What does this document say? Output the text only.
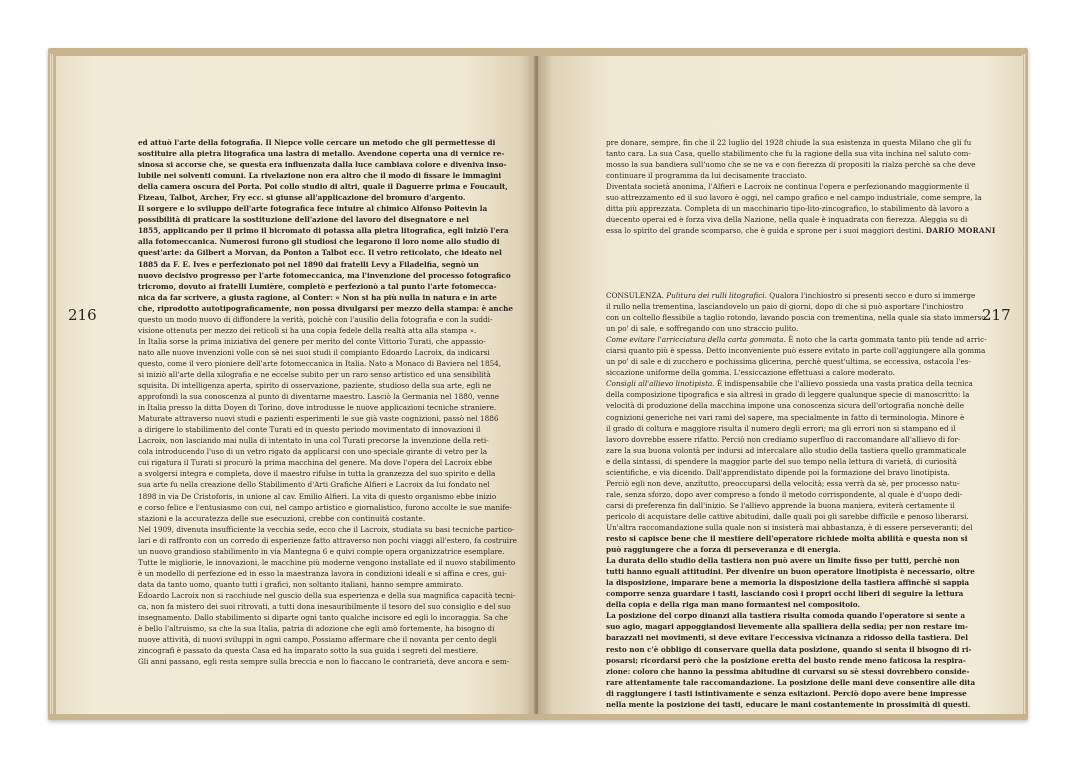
216
ed attuò l'arte della fotografia. Il Niepce volle cercare un metodo che gli permettesse di
sostituire alla pietra litografica una lastra di metallo. Avendone coperta una di vernice re-
sinosa si accorse che, se questa era influenzata dalla luce cambiava colore e diveniva inso-
lubile nei solventi comuni. La rivelazione non era altro che il modo di fissare le immagini
della camera oscura del Porta. Poi collo studio di altri, quale il Daguerre prima e Foucault,
Fizeau, Talbot, Archer, Fry ecc. si giunse all'applicazione del bromuro d'argento.
Il sorgere e lo sviluppo dell'arte fotografica fece intuire al chimico Alfonso Poitevin la
possibilità di praticare la sostituzione dell'azione del lavoro del disegnatore e nel
1855, applicando per il primo il bicromato di potassa alla pietra litografica, egli iniziò l'era
alla fotomeccanica. Numerosi furono gli studiosi che legarono il loro nome allo studio di
quest'arte: da Gilbert a Morvan, da Ponton a Talbot ecc. Il vetro reticolato, che ideato nel
1885 da F. E. Ives e perfezionato poi nel 1890 dai fratelli Levy a Filadelfia, segnò un
nuovo decisivo progresso per l'arte fotomeccanica, ma l'invenzione del processo fotografico
tricromo, dovuto ai fratelli Lumière, completò e perfezionò a tal punto l'arte fotomecca-
nica da far scrivere, a giusta ragione, al Conter: « Non si ha più nulla in natura e in arte
che, riprodotto autotipograficamente, non possa divulgarsi per mezzo della stampa: è anche
questo un modo nuovo di diffondere la verità, poichè con l'ausilio della fotografia e con la suddi-
visione ottenuta per mezzo dei reticoli si ha una copia fedele della realtà atta alla stampa ».
In Italia sorse la prima iniziativa del genere per merito del conte Vittorio Turati, che appassio-
nato alle nuove invenzioni volle con sè nei suoi studi il compianto Edoardo Lacroix, da indicarsi
questo, come il vero pioniere dell'arte fotomeccanica in Italia. Nato a Monaco di Baviera nel 1854,
si iniziò all'arte della xilografia e ne eccelse subito per un raro senso artistico ed una sensibilità
squisita. Di intelligenza aperta, spirito di osservazione, paziente, studioso della sua arte, egli ne
approfondì la sua conoscenza al punto di diventarne maestro. Lasciò la Germania nel 1880, venne
in Italia presso la ditta Doyen di Torino, dove introdusse le nuove applicazioni tecniche straniere.
Maturate attraverso nuovi studi e pazienti esperimenti le sue già vaste cognizioni, passò nel 1886
a dirigere lo stabilimento del conte Turati ed in questo periodo movimentato di innovazioni il
Lacroix, non lasciando mai nulla di intentato in una col Turati precorse la invenzione della reti-
cola introducendo l'uso di un vetro rigato da applicarsi con uno speciale girante di vetro per la
cui rigatura il Turati si procurò la prima macchina del genere. Ma dove l'opera del Lacroix ebbe
a svolgersi integra e completa, dove il maestro rifulse in tutta la granzezza del suo spirito e della
sua arte fu nella creazione dello Stabilimento d'Arti Grafiche Alfieri e Lacroix da lui fondato nel
1898 in via De Cristoforis, in unione al cav. Emilio Alfieri. La vita di questo organismo ebbe inizio
e corso felice e l'entusiasmo con cui, nel campo artistico e giornalistico, furono accolte le sue manife-
stazioni e la accuratezza delle sue esecuzioni, crebbe con continuità costante.
Nel 1909, divenuta insufficiente la vecchia sede, ecco che il Lacroix, studiata su basi tecniche partico-
lari e di raffronto con un corredo di esperienze fatto attraverso non pochi viaggi all'estero, fa costruire
un nuovo grandioso stabilimento in via Mantegna 6 e quivi compie opera organizzatrice esemplare.
Tutte le migliorie, le innovazioni, le macchine più moderne vengono installate ed il nuovo stabilimento
è un modello di perfezione ed in esso la maestranza lavora in condizioni ideali e si affina e cres, gui-
data da tanto uomo, quanto tutti i grafici, non soltanto italiani, hanno sempre ammirato.
Edoardo Lacroix non si racchiude nel guscio della sua esperienza e della sua magnifica capacità tecni-
ca, non fa mistero dei suoi ritrovati, a tutti dona inesauribilmente il tesoro del suo consiglio e del suo
insegnamento. Dallo stabilimento si diparte ogni tanto qualche incisore ed egli lo incoraggia. Sa che
è bello l'altruismo, sa che la sua Italia, patria di adozione che egli amò fortemente, ha bisogno di
nuove attività, di nuovi sviluppi in ogni campo. Possiamo affermare che il novanta per cento degli
zincografi è passato da questa Casa ed ha imparato sotto la sua guida i segreti del mestiere.
Gli anni passano, egli resta sempre sulla breccia e non lo fiaccano le contrarietà, deve ancora e sem-
217
pre donare, sempre, fin che il 22 luglio del 1928 chiude la sua esistenza in questa Milano che gli fu
tanto cara. La sua Casa, quello stabilimento che fu la ragione della sua vita inchina nel saluto com-
mosso la sua bandiera sull'uomo che se ne va e con fierezza di propositi la rialza perchè sa che deve
continuare il programma da lui decisamente tracciato.
Diventata società anonima, l'Alfieri e Lacroix ne continua l'opera e perfezionando maggiormente il
suo attrezzamento ed il suo lavoro è oggi, nel campo grafico e nel campo industriale, come sempre, la
ditta più apprezzata. Completa di un macchinario tipo-lito-zincografico, lo stabilimento dà lavoro a
duecento operai ed è forza viva della Nazione, nella quale è inquadrata con fierezza. Aleggia su di
essa lo spirito del grande scomparso, che è guida e sprone per i suoi maggiori destini. DARIO MORANI
CONSULENZA. Pulitura dei rulli litografici. Qualora l'inchiostro si presenti secco e duro si immerge
il rullo nella trementina, lasciandovelo un paio di giorni, dopo di che si può asportare l'inchiostro
con un coltello flessibile a taglio rotondo, lavando poscia con trementina, nella quale sia stato immerso
un po' di sale, e soffregando con uno straccio pulito.
Come evitare l'arricciatura della carta gommata. È noto che la carta gommata tanto più tende ad arric-
ciarsi quanto più è spessa. Detto inconveniente può essere evitato in parte coll'aggiungere alla gomma
un po' di sale e di zucchero e pochissima glicerina, perchè quest'ultima, se eccessiva, ostacola l'es-
siccazione uniforme della gomma. L'essiccazione effettuasi a calore moderato.
Consigli all'allievo linotipista. È indispensabile che l'allievo possieda una vasta pratica della tecnica
della composizione tipografica e sia altresì in grado di leggere qualunque specie di manoscritto: la
velocità di produzione della macchina impone una conoscenza sicura dell'ortografia nonchè delle
cognizioni generiche nei vari rami del sapere, ma specialmente in fatto di terminologia. Minore è
il grado di coltura e maggiore risulta il numero degli errori; ma gli errori non si stampano ed il
lavoro dovrebbe essere rifatto. Perciò non crediamo superfluo di raccomandare all'allievo di for-
zare la sua buona volontà per indursi ad intercalare allo studio della tastiera quello grammaticale
e della sintassi, di spendere la maggior parte del suo tempo nella lettura di varietà, di curiosità
scientifiche, e via dicendo. Dall'apprendistato dipende poi la formazione del bravo linotipista.
Perciò egli non deve, anzitutto, preoccuparsi della velocità; essa verrà da sè, per processo natu-
rale, senza sforzo, dopo aver compreso a fondo il metodo corrispondente, al quale è d'uopo dedi-
carsi di preferenza fin dall'inizio. Se l'allievo apprende la buona maniera, eviterà certamente il
pericolo di acquistare delle cattive abitudini, dalle quali poi gli sarebbe difficile e penoso liberarsi.
Un'altra raccomandazione sulla quale non si insisterà mai abbastanza, è di essere perseveranti; del
resto si capisce bene che il mestiere dell'operatore richiede molta abilità e questa non si
può raggiungere che a forza di perseveranza e di energia.
La durata dello studio della tastiera non può avere un limite fisso per tutti, perchè non
tutti hanno eguali attitudini. Per divenire un buon operatore linotipista è necessario, oltre
la disposizione, imparare bene a memoria la disposizione della tastiera affinchè si sappia
comporre senza guardare i tasti, lasciando così i propri occhi liberi di seguire la lettura
della copia e della riga man mano formantesi nel compositoio.
La posizione del corpo dinanzi alla tastiera risulta comoda quando l'operatore si sente a
suo agio, magari appoggiandosi lievemente alla spalliera della sedia; per non restare im-
barazzati nei movimenti, si deve evitare l'eccessiva vicinanza a ridosso della tastiera. Del
resto non c'è obbligo di conservare quella data posizione, quando si senta il bisogno di ri-
posarsi; ricordarsi però che la posizione eretta del busto rende meno faticosa la respira-
zione: coloro che hanno la pessima abitudine di curvarsi su sè stessi dovrebbero conside-
rare attentamente tale raccomandazione. La posizione delle mani deve consentire alle dita
di raggiungere i tasti istintivamente e senza esitazioni. Perciò dopo avere bene impresse
nella mente la posizione dei tasti, educare le mani costantemente in prossimità di questi.
